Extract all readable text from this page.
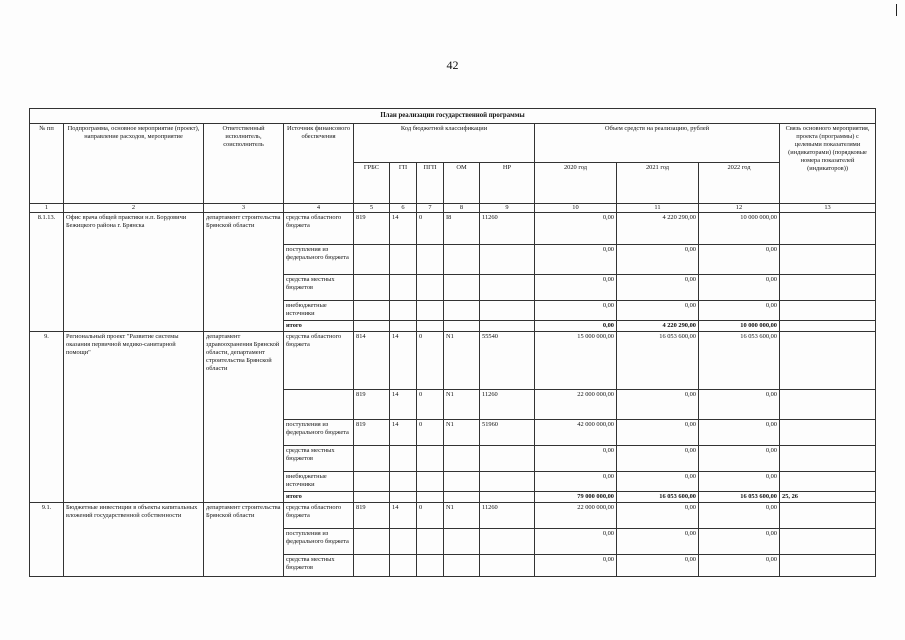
42
План реализации государственной программы												
№ пп	Подпрограмма, основное мероприятие (проект), направление расходов, мероприятие	Ответственный исполнитель, соисполнитель	Источник финансового обеспечения	Код бюджетной классификации					Объем средств на реализацию, рублей			Связь основного мероприятия, проекта (программы) с целевыми показателями (индикаторами) (порядковые номера показателей (индикаторов))
				ГРБС	ГП	ПГП	ОМ	НР	2020 год	2021 год	2022 год	
1	2	3	4	5	6	7	8	9	10	11	12	13
8.1.13.	Офис врача общей практики н.п. Бордовичи Бежицкого района г. Брянска	департамент строительства Брянской области	средства областного бюджета	819	14	0	I8	11260	0,00	4 220 290,00	10 000 000,00	
			поступления из федерального бюджета						0,00	0,00	0,00	
			средства местных бюджетов						0,00	0,00	0,00	
			внебюджетные источники						0,00	0,00	0,00	
			итого						0,00	4 220 290,00	10 000 000,00	
9.	Региональный проект "Развитие системы оказания первичной медико-санитарной помощи"	департамент здравоохранения Брянской области, департамент строительства Брянской области	средства областного бюджета	814	14	0	N1	55540	15 000 000,00	16 053 600,00	16 053 600,00	
				819	14	0	N1	11260	22 000 000,00	0,00	0,00	
			поступления из федерального бюджета	819	14	0	N1	51960	42 000 000,00	0,00	0,00	
			средства местных бюджетов						0,00	0,00	0,00	
			внебюджетные источники						0,00	0,00	0,00	
			итого						79 000 000,00	16 053 600,00	16 053 600,00	25, 26
9.1.	Бюджетные инвестиции в объекты капитальных вложений государственной собственности	департамент строительства Брянской области	средства областного бюджета	819	14	0	N1	11260	22 000 000,00	0,00	0,00	
			поступления из федерального бюджета						0,00	0,00	0,00	
			средства местных бюджетов						0,00	0,00	0,00	
